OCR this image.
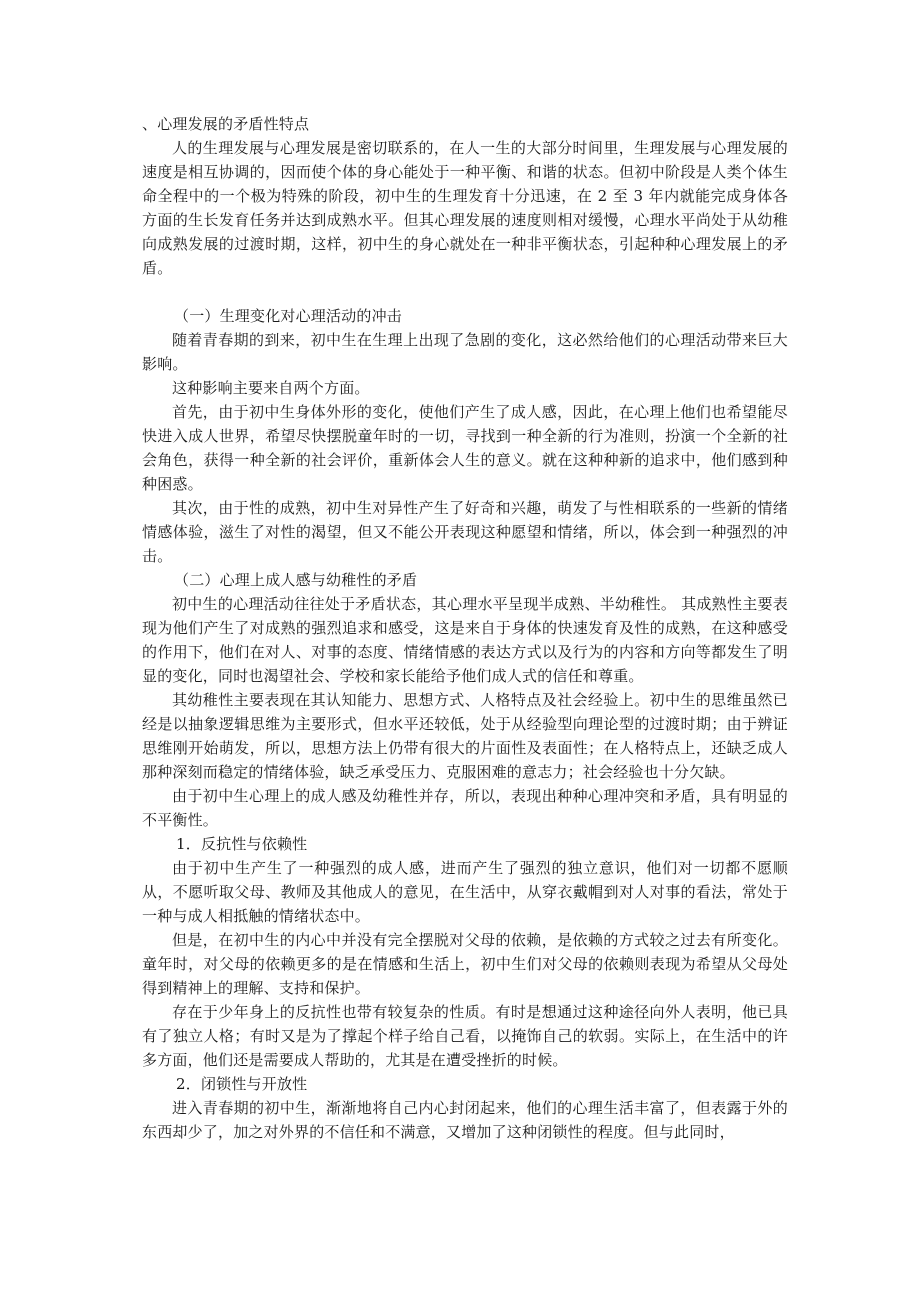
、心理发展的矛盾性特点

人的生理发展与心理发展是密切联系的，在人一生的大部分时间里，生理发展与心理发展的速度是相互协调的，因而使个体的身心能处于一种平衡、和谐的状态。但初中阶段是人类个体生命全程中的一个极为特殊的阶段，初中生的生理发育十分迅速，在 2 至 3 年内就能完成身体各方面的生长发育任务并达到成熟水平。但其心理发展的速度则相对缓慢，心理水平尚处于从幼稚向成熟发展的过渡时期，这样，初中生的身心就处在一种非平衡状态，引起种种心理发展上的矛盾。

（一）生理变化对心理活动的冲击

随着青春期的到来，初中生在生理上出现了急剧的变化，这必然给他们的心理活动带来巨大影响。

这种影响主要来自两个方面。

首先，由于初中生身体外形的变化，使他们产生了成人感，因此，在心理上他们也希望能尽快进入成人世界，希望尽快摆脱童年时的一切，寻找到一种全新的行为准则，扮演一个全新的社会角色，获得一种全新的社会评价，重新体会人生的意义。就在这种种新的追求中，他们感到种种困惑。

其次，由于性的成熟，初中生对异性产生了好奇和兴趣，萌发了与性相联系的一些新的情绪情感体验，滋生了对性的渴望，但又不能公开表现这种愿望和情绪，所以，体会到一种强烈的冲击。

（二）心理上成人感与幼稚性的矛盾

初中生的心理活动往往处于矛盾状态，其心理水平呈现半成熟、半幼稚性。 其成熟性主要表现为他们产生了对成熟的强烈追求和感受，这是来自于身体的快速发育及性的成熟，在这种感受的作用下，他们在对人、对事的态度、情绪情感的表达方式以及行为的内容和方向等都发生了明显的变化，同时也渴望社会、学校和家长能给予他们成人式的信任和尊重。

其幼稚性主要表现在其认知能力、思想方式、人格特点及社会经验上。初中生的思维虽然已经是以抽象逻辑思维为主要形式，但水平还较低，处于从经验型向理论型的过渡时期；由于辨证思维刚开始萌发，所以，思想方法上仍带有很大的片面性及表面性；在人格特点上，还缺乏成人那种深刻而稳定的情绪体验，缺乏承受压力、克服困难的意志力；社会经验也十分欠缺。

由于初中生心理上的成人感及幼稚性并存，所以，表现出种种心理冲突和矛盾，具有明显的不平衡性。

1．反抗性与依赖性

由于初中生产生了一种强烈的成人感，进而产生了强烈的独立意识，他们对一切都不愿顺从，不愿听取父母、教师及其他成人的意见，在生活中，从穿衣戴帽到对人对事的看法，常处于一种与成人相抵触的情绪状态中。

但是，在初中生的内心中并没有完全摆脱对父母的依赖，是依赖的方式较之过去有所变化。童年时，对父母的依赖更多的是在情感和生活上，初中生们对父母的依赖则表现为希望从父母处得到精神上的理解、支持和保护。

存在于少年身上的反抗性也带有较复杂的性质。有时是想通过这种途径向外人表明，他已具有了独立人格；有时又是为了撑起个样子给自己看，以掩饰自己的软弱。实际上，在生活中的许多方面，他们还是需要成人帮助的，尤其是在遭受挫折的时候。

2．闭锁性与开放性

进入青春期的初中生，渐渐地将自己内心封闭起来，他们的心理生活丰富了，但表露于外的东西却少了，加之对外界的不信任和不满意，又增加了这种闭锁性的程度。但与此同时，
